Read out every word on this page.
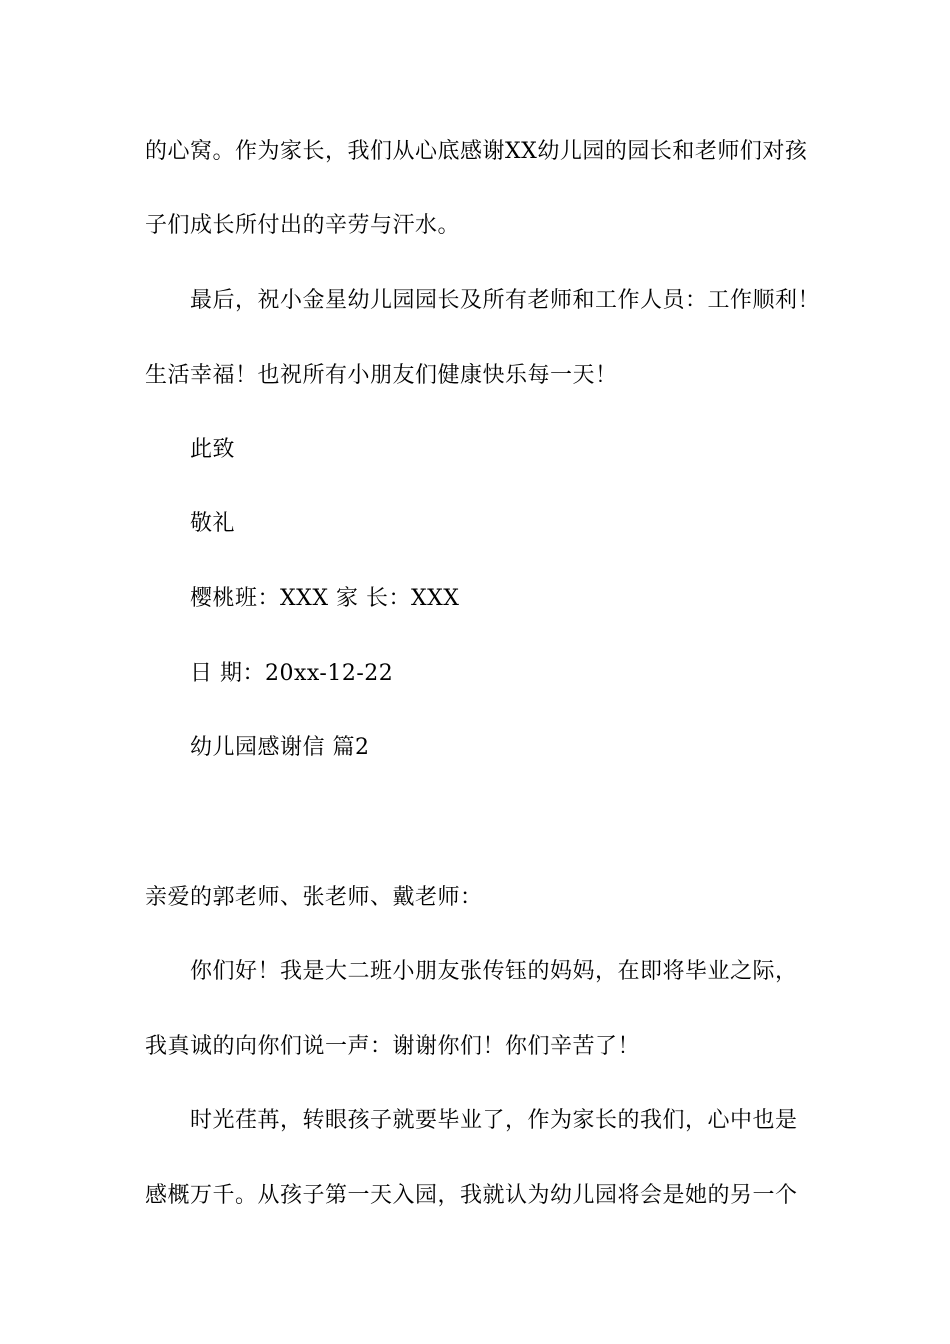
的心窝。作为家长，我们从心底感谢XX幼儿园的园长和老师们对孩
子们成长所付出的辛劳与汗水。
最后，祝小金星幼儿园园长及所有老师和工作人员：工作顺利！
生活幸福！也祝所有小朋友们健康快乐每一天！
此致
敬礼
樱桃班：XXX 家 长：XXX
日 期：20xx-12-22
幼儿园感谢信 篇2
亲爱的郭老师、张老师、戴老师：
你们好！我是大二班小朋友张传钰的妈妈，在即将毕业之际，
我真诚的向你们说一声：谢谢你们！你们辛苦了！
时光荏苒，转眼孩子就要毕业了，作为家长的我们，心中也是
感概万千。从孩子第一天入园，我就认为幼儿园将会是她的另一个
